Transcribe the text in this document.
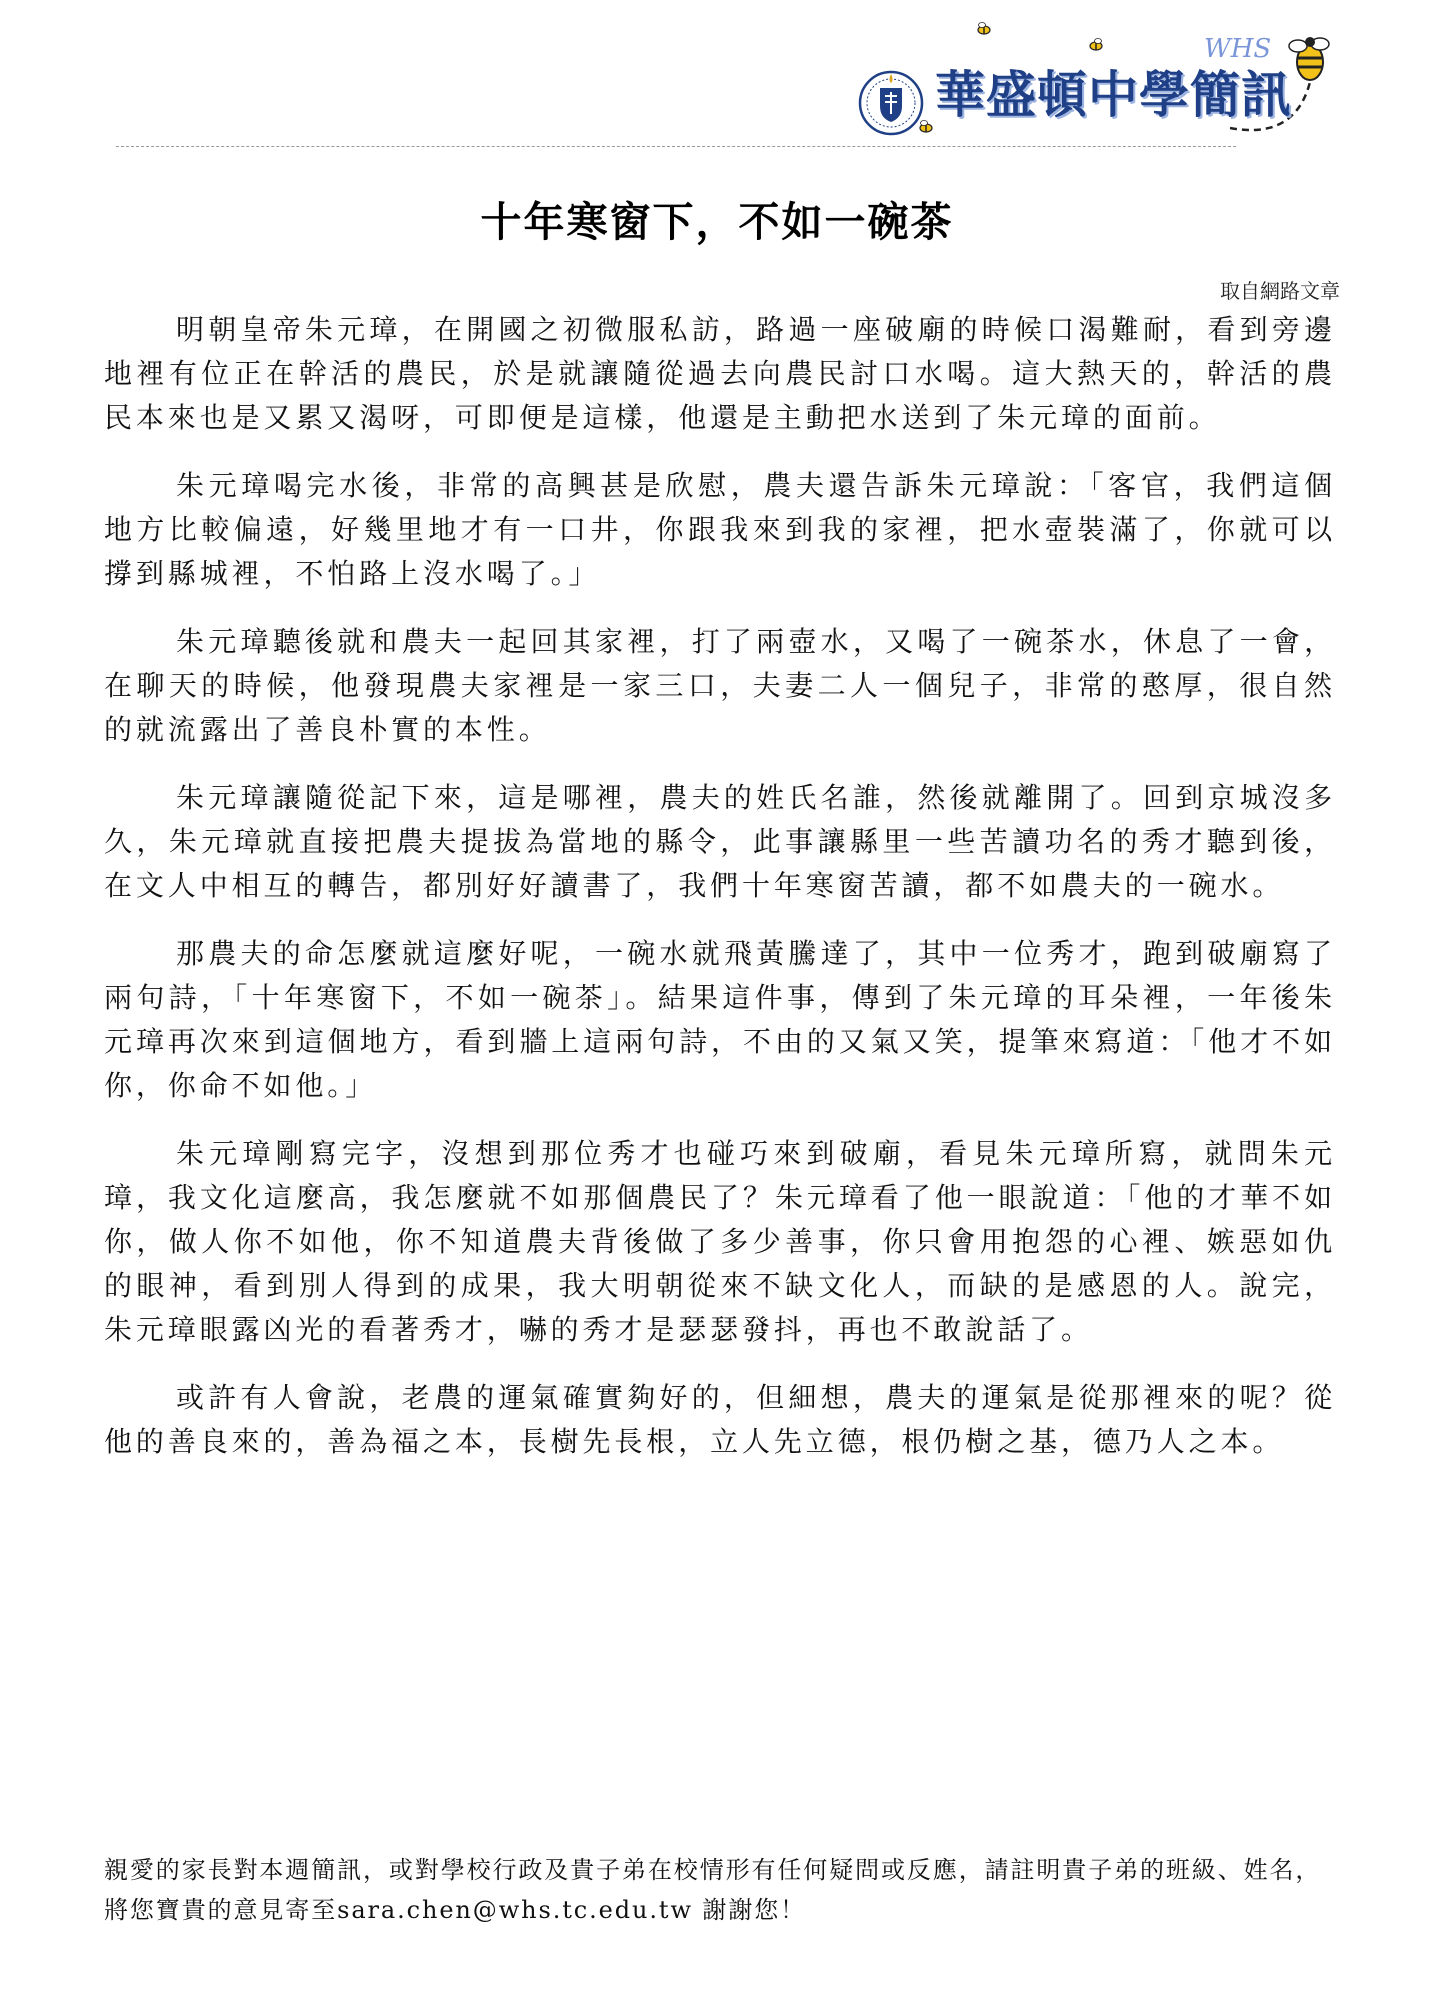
華盛頓中學簡訊
WHS
十年寒窗下，不如一碗茶
取自網路文章

明朝皇帝朱元璋，在開國之初微服私訪，路過一座破廟的時候口渴難耐，看到旁邊地裡有位正在幹活的農民，於是就讓隨從過去向農民討口水喝。這大熱天的，幹活的農民本來也是又累又渴呀，可即便是這樣，他還是主動把水送到了朱元璋的面前。

朱元璋喝完水後，非常的高興甚是欣慰，農夫還告訴朱元璋說：「客官，我們這個地方比較偏遠，好幾里地才有一口井，你跟我來到我的家裡，把水壺裝滿了，你就可以撐到縣城裡，不怕路上沒水喝了。」

朱元璋聽後就和農夫一起回其家裡，打了兩壺水，又喝了一碗茶水，休息了一會，在聊天的時候，他發現農夫家裡是一家三口，夫妻二人一個兒子，非常的憨厚，很自然的就流露出了善良朴實的本性。

朱元璋讓隨從記下來，這是哪裡，農夫的姓氏名誰，然後就離開了。回到京城沒多久，朱元璋就直接把農夫提拔為當地的縣令，此事讓縣里一些苦讀功名的秀才聽到後，在文人中相互的轉告，都別好好讀書了，我們十年寒窗苦讀，都不如農夫的一碗水。

那農夫的命怎麼就這麼好呢，一碗水就飛黃騰達了，其中一位秀才，跑到破廟寫了兩句詩，「十年寒窗下，不如一碗茶」。結果這件事，傳到了朱元璋的耳朵裡，一年後朱元璋再次來到這個地方，看到牆上這兩句詩，不由的又氣又笑，提筆來寫道：「他才不如你，你命不如他。」

朱元璋剛寫完字，沒想到那位秀才也碰巧來到破廟，看見朱元璋所寫，就問朱元璋，我文化這麼高，我怎麼就不如那個農民了？朱元璋看了他一眼說道：「他的才華不如你，做人你不如他，你不知道農夫背後做了多少善事，你只會用抱怨的心裡、嫉惡如仇的眼神，看到別人得到的成果，我大明朝從來不缺文化人，而缺的是感恩的人。說完，朱元璋眼露凶光的看著秀才，嚇的秀才是瑟瑟發抖，再也不敢說話了。

或許有人會說，老農的運氣確實夠好的，但細想，農夫的運氣是從那裡來的呢？從他的善良來的，善為福之本，長樹先長根，立人先立德，根仍樹之基，德乃人之本。

親愛的家長對本週簡訊，或對學校行政及貴子弟在校情形有任何疑問或反應，請註明貴子弟的班級、姓名，將您寶貴的意見寄至sara.chen@whs.tc.edu.tw 謝謝您！
